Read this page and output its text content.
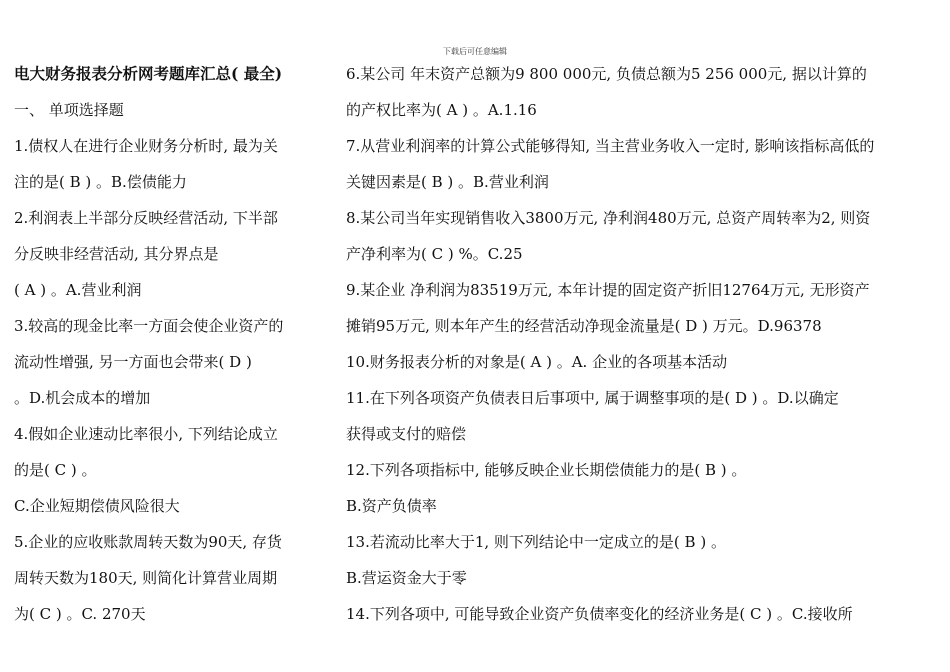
下载后可任意编辑
电大财务报表分析网考题库汇总( 最全)
一、 单项选择题
1.债权人在进行企业财务分析时, 最为关
注的是( B ) 。B.偿债能力
2.利润表上半部分反映经营活动, 下半部
分反映非经营活动, 其分界点是
( A ) 。A.营业利润
3.较高的现金比率一方面会使企业资产的
流动性增强, 另一方面也会带来( D )
。D.机会成本的增加
4.假如企业速动比率很小, 下列结论成立
的是( C ) 。
C.企业短期偿债风险很大
5.企业的应收账款周转天数为90天, 存货
周转天数为180天, 则简化计算营业周期
为( C ) 。C. 270天
6.某公司 年末资产总额为9 800 000元, 负债总额为5 256 000元, 据以计算的
的产权比率为( A ) 。A.1.16
7.从营业利润率的计算公式能够得知, 当主营业务收入一定时, 影响该指标高低的
关键因素是( B ) 。B.营业利润
8.某公司当年实现销售收入3800万元, 净利润480万元, 总资产周转率为2, 则资
产净利率为( C ) %。C.25
9.某企业 净利润为83519万元, 本年计提的固定资产折旧12764万元, 无形资产
摊销95万元, 则本年产生的经营活动净现金流量是( D ) 万元。D.96378
10.财务报表分析的对象是( A ) 。A. 企业的各项基本活动
11.在下列各项资产负债表日后事项中, 属于调整事项的是( D ) 。D.以确定
获得或支付的赔偿
12.下列各项指标中, 能够反映企业长期偿债能力的是( B ) 。
B.资产负债率
13.若流动比率大于1, 则下列结论中一定成立的是( B ) 。
B.营运资金大于零
14.下列各项中, 可能导致企业资产负债率变化的经济业务是( C ) 。C.接收所
